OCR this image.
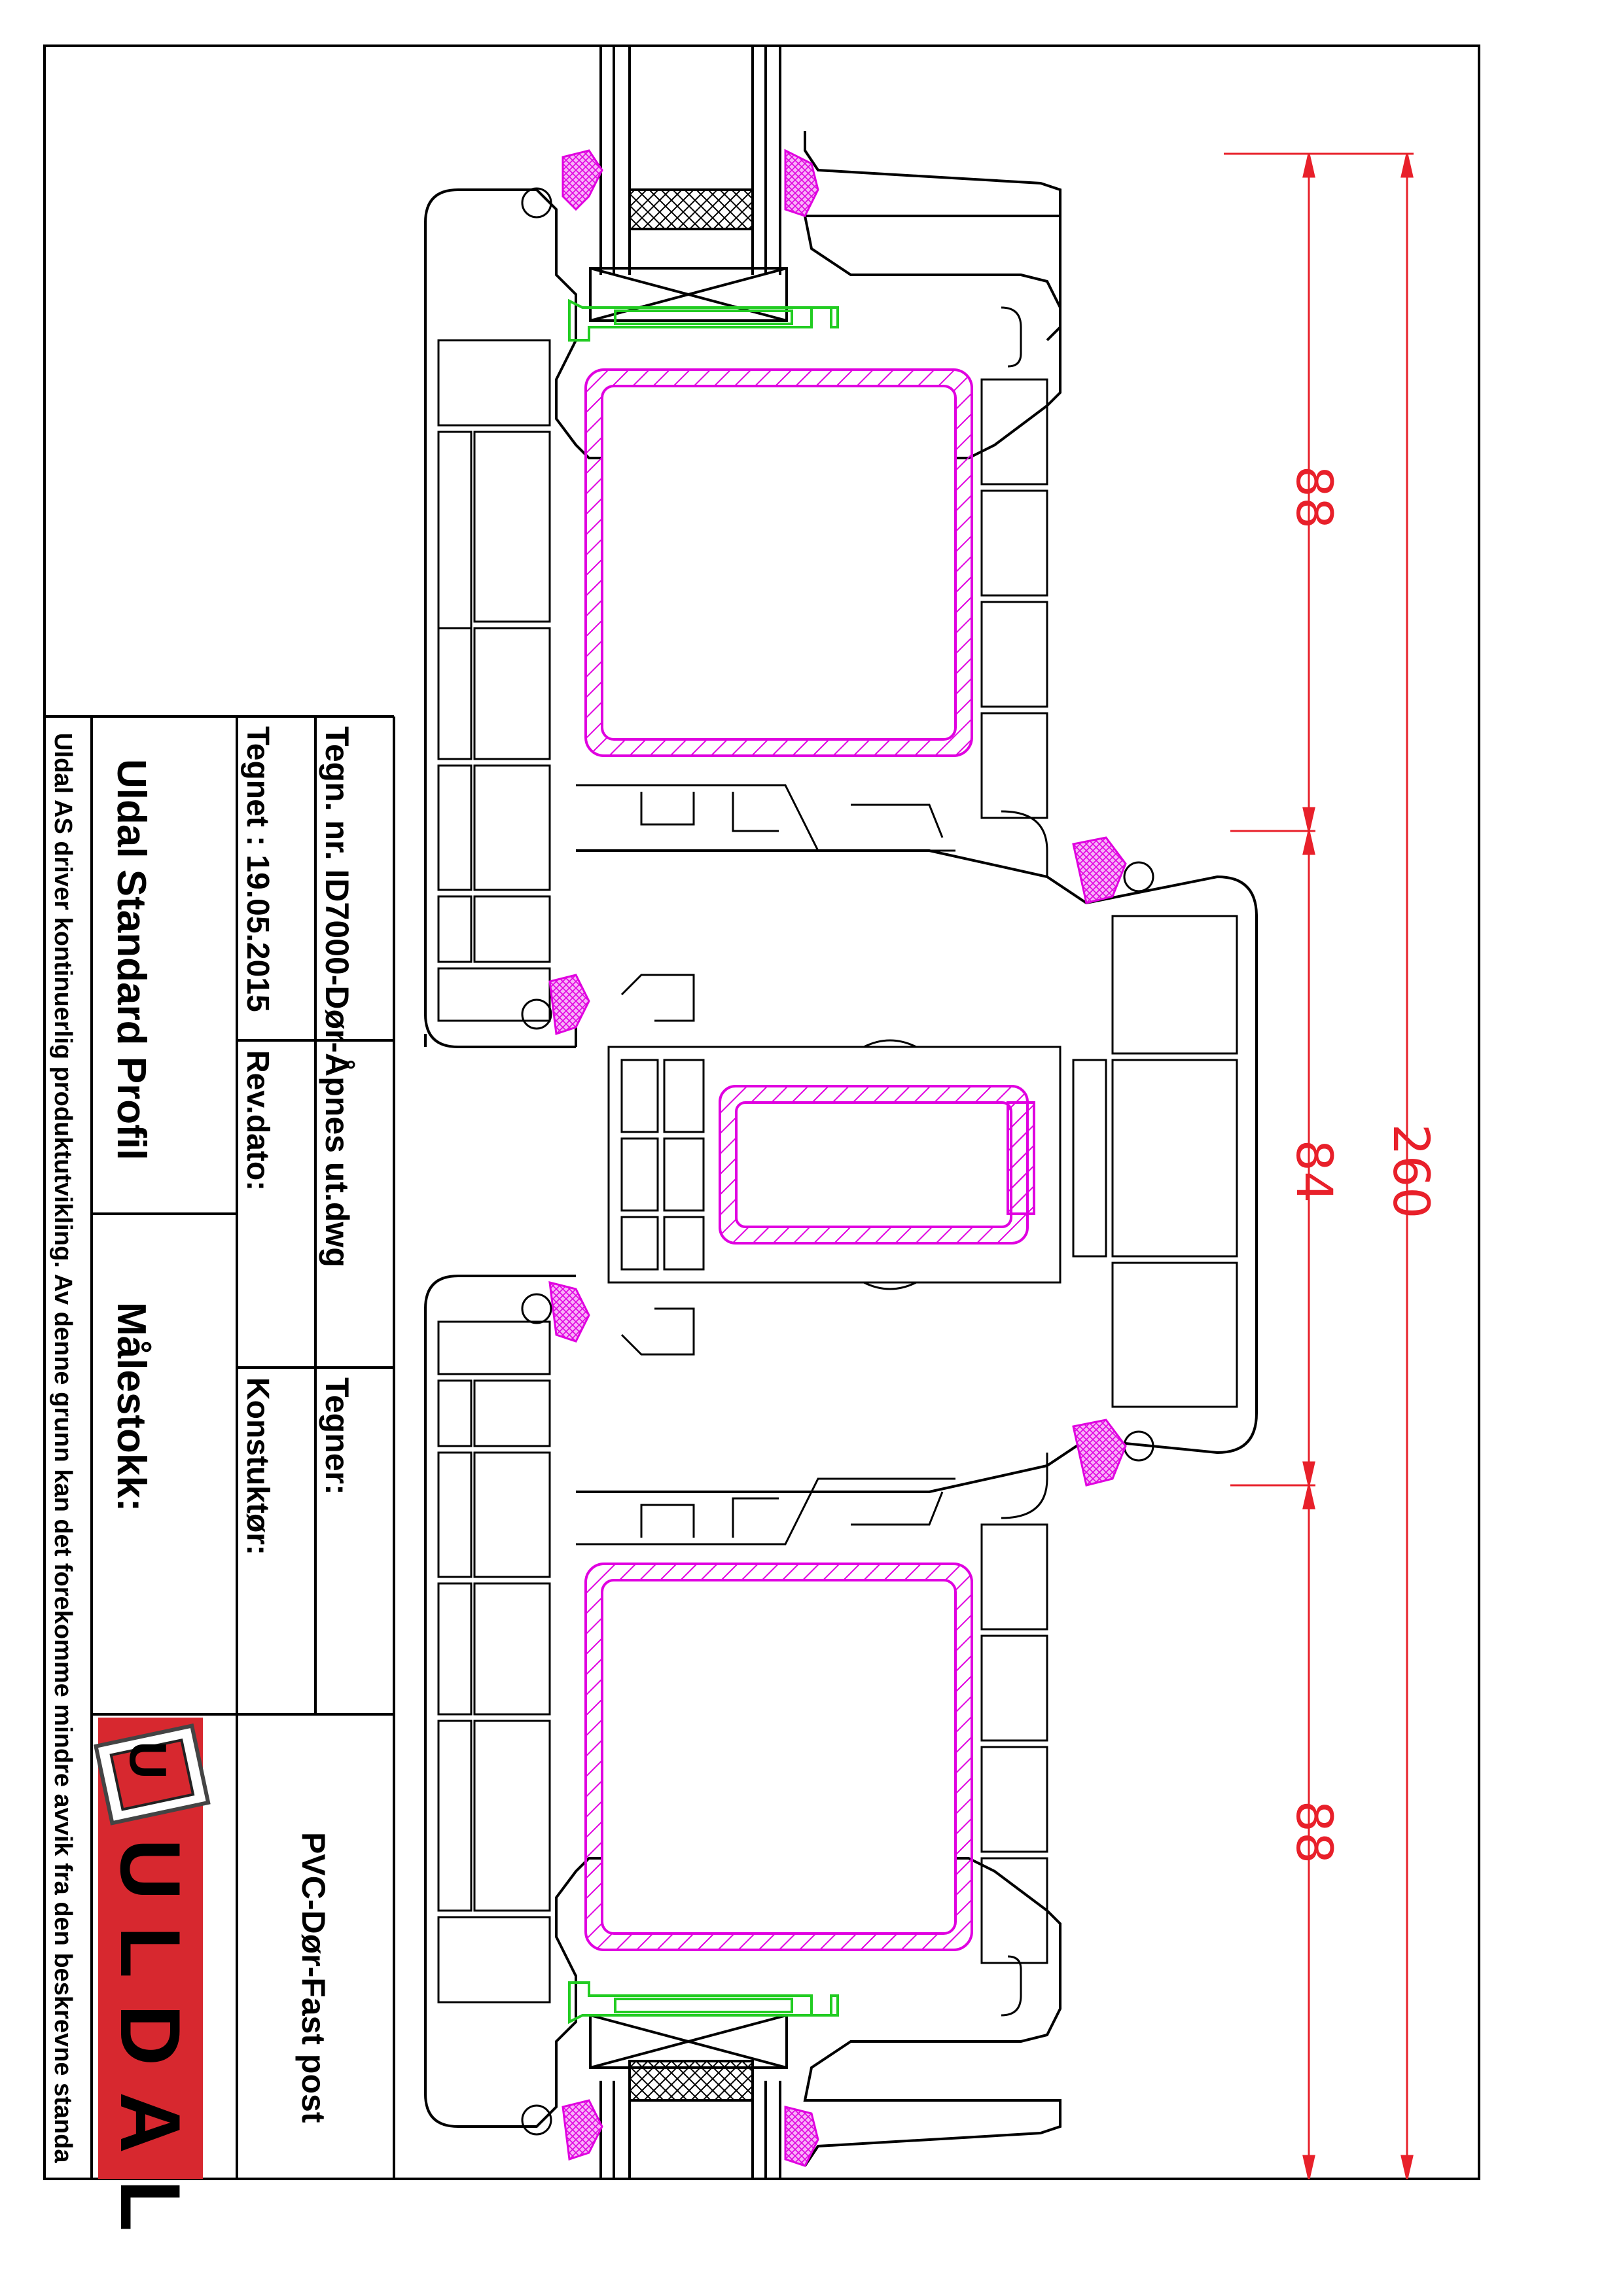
260
88
84
88
Tegn. nr. ID7000-Dør-Åpnes ut.dwg
Tegner:
Tegnet : 19.05.2015
Rev.dato:
Konstuktør:
Uldal Standard Profil
Målestokk:
PVC-Dør-Fast post
Uldal AS driver kontinuerlig produktutvikling. Av denne grunn kan det forekomme mindre avvik fra den beskrevne standa U
ULDAL
